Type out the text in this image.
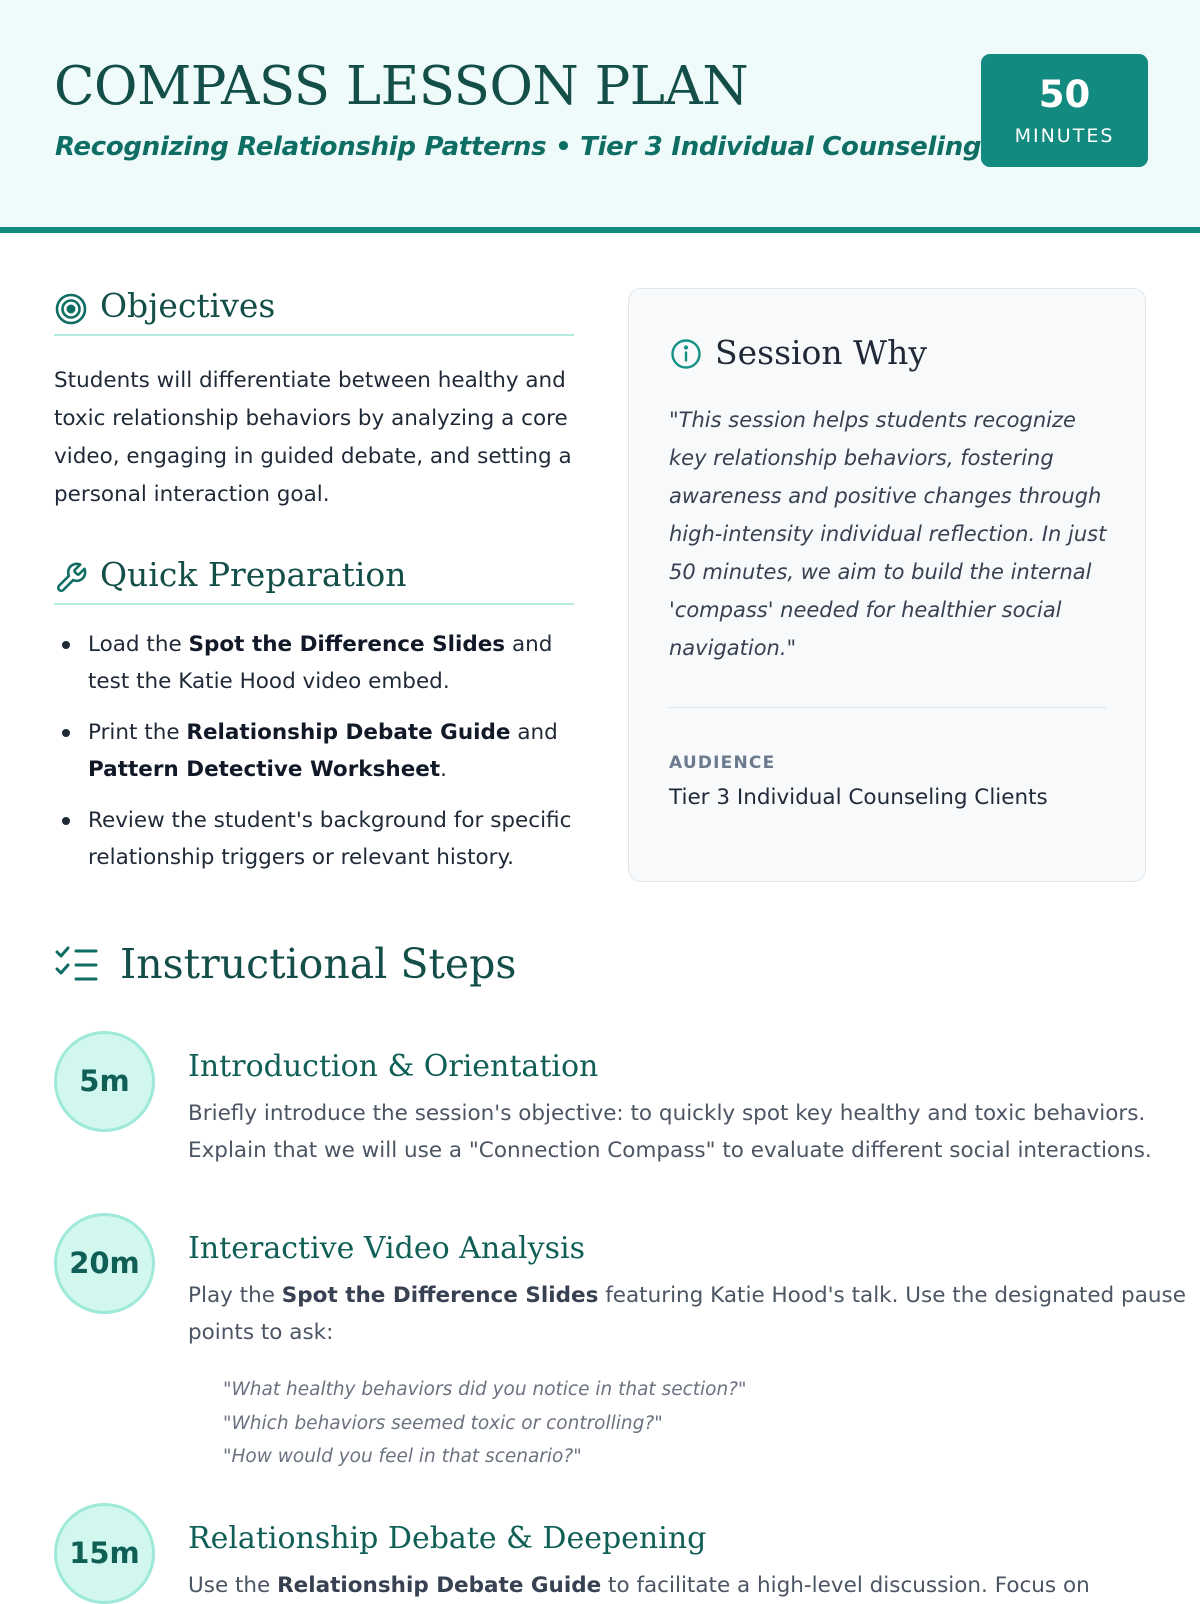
COMPASS LESSON PLAN
Recognizing Relationship Patterns • Tier 3 Individual Counseling
50
MINUTES
Objectives
Students will differentiate between healthy and toxic relationship behaviors by analyzing a core video, engaging in guided debate, and setting a personal interaction goal.
Quick Preparation
Load the Spot the Difference Slides and test the Katie Hood video embed.
Print the Relationship Debate Guide and Pattern Detective Worksheet.
Review the student's background for specific relationship triggers or relevant history.
Session Why
"This session helps students recognize key relationship behaviors, fostering awareness and positive changes through high-intensity individual reflection. In just 50 minutes, we aim to build the internal 'compass' needed for healthier social navigation."
AUDIENCE
Tier 3 Individual Counseling Clients
Instructional Steps
5m	Introduction & Orientation
Briefly introduce the session's objective: to quickly spot key healthy and toxic behaviors. Explain that we will use a "Connection Compass" to evaluate different social interactions.
20m	Interactive Video Analysis
Play the Spot the Difference Slides featuring Katie Hood's talk. Use the designated pause points to ask:
"What healthy behaviors did you notice in that section?"
"Which behaviors seemed toxic or controlling?"
"How would you feel in that scenario?"
15m	Relationship Debate & Deepening
Use the Relationship Debate Guide to facilitate a high-level discussion. Focus on
